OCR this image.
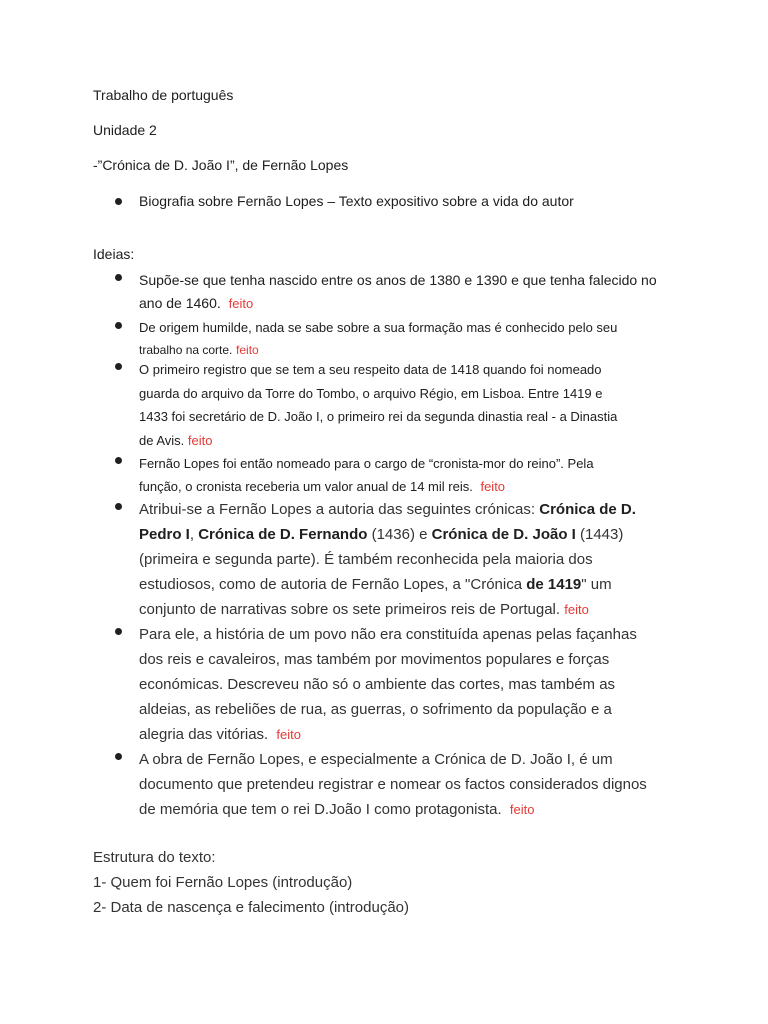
Trabalho de português
Unidade 2
-”Crónica de D. João I”, de Fernão Lopes
Biografia sobre Fernão Lopes – Texto expositivo sobre a vida do autor
Ideias:
Supõe-se que tenha nascido entre os anos de 1380 e 1390 e que tenha falecido no
ano de 1460. feito
De origem humilde, nada se sabe sobre a sua formação mas é conhecido pelo seu
trabalho na corte. feito
O primeiro registro que se tem a seu respeito data de 1418 quando foi nomeado
guarda do arquivo da Torre do Tombo, o arquivo Régio, em Lisboa. Entre 1419 e
1433 foi secretário de D. João I, o primeiro rei da segunda dinastia real - a Dinastia
de Avis. feito
Fernão Lopes foi então nomeado para o cargo de “cronista-mor do reino”. Pela
função, o cronista receberia um valor anual de 14 mil reis. feito
Atribui-se a Fernão Lopes a autoria das seguintes crónicas: Crónica de D.
Pedro I, Crónica de D. Fernando (1436) e Crónica de D. João I (1443)
(primeira e segunda parte). É também reconhecida pela maioria dos
estudiosos, como de autoria de Fernão Lopes, a "Crónica de 1419" um
conjunto de narrativas sobre os sete primeiros reis de Portugal. feito
Para ele, a história de um povo não era constituída apenas pelas façanhas
dos reis e cavaleiros, mas também por movimentos populares e forças
económicas. Descreveu não só o ambiente das cortes, mas também as
aldeias, as rebeliões de rua, as guerras, o sofrimento da população e a
alegria das vitórias. feito
A obra de Fernão Lopes, e especialmente a Crónica de D. João I, é um
documento que pretendeu registrar e nomear os factos considerados dignos
de memória que tem o rei D.João I como protagonista. feito
Estrutura do texto:
1- Quem foi Fernão Lopes (introdução)
2- Data de nascença e falecimento (introdução)
